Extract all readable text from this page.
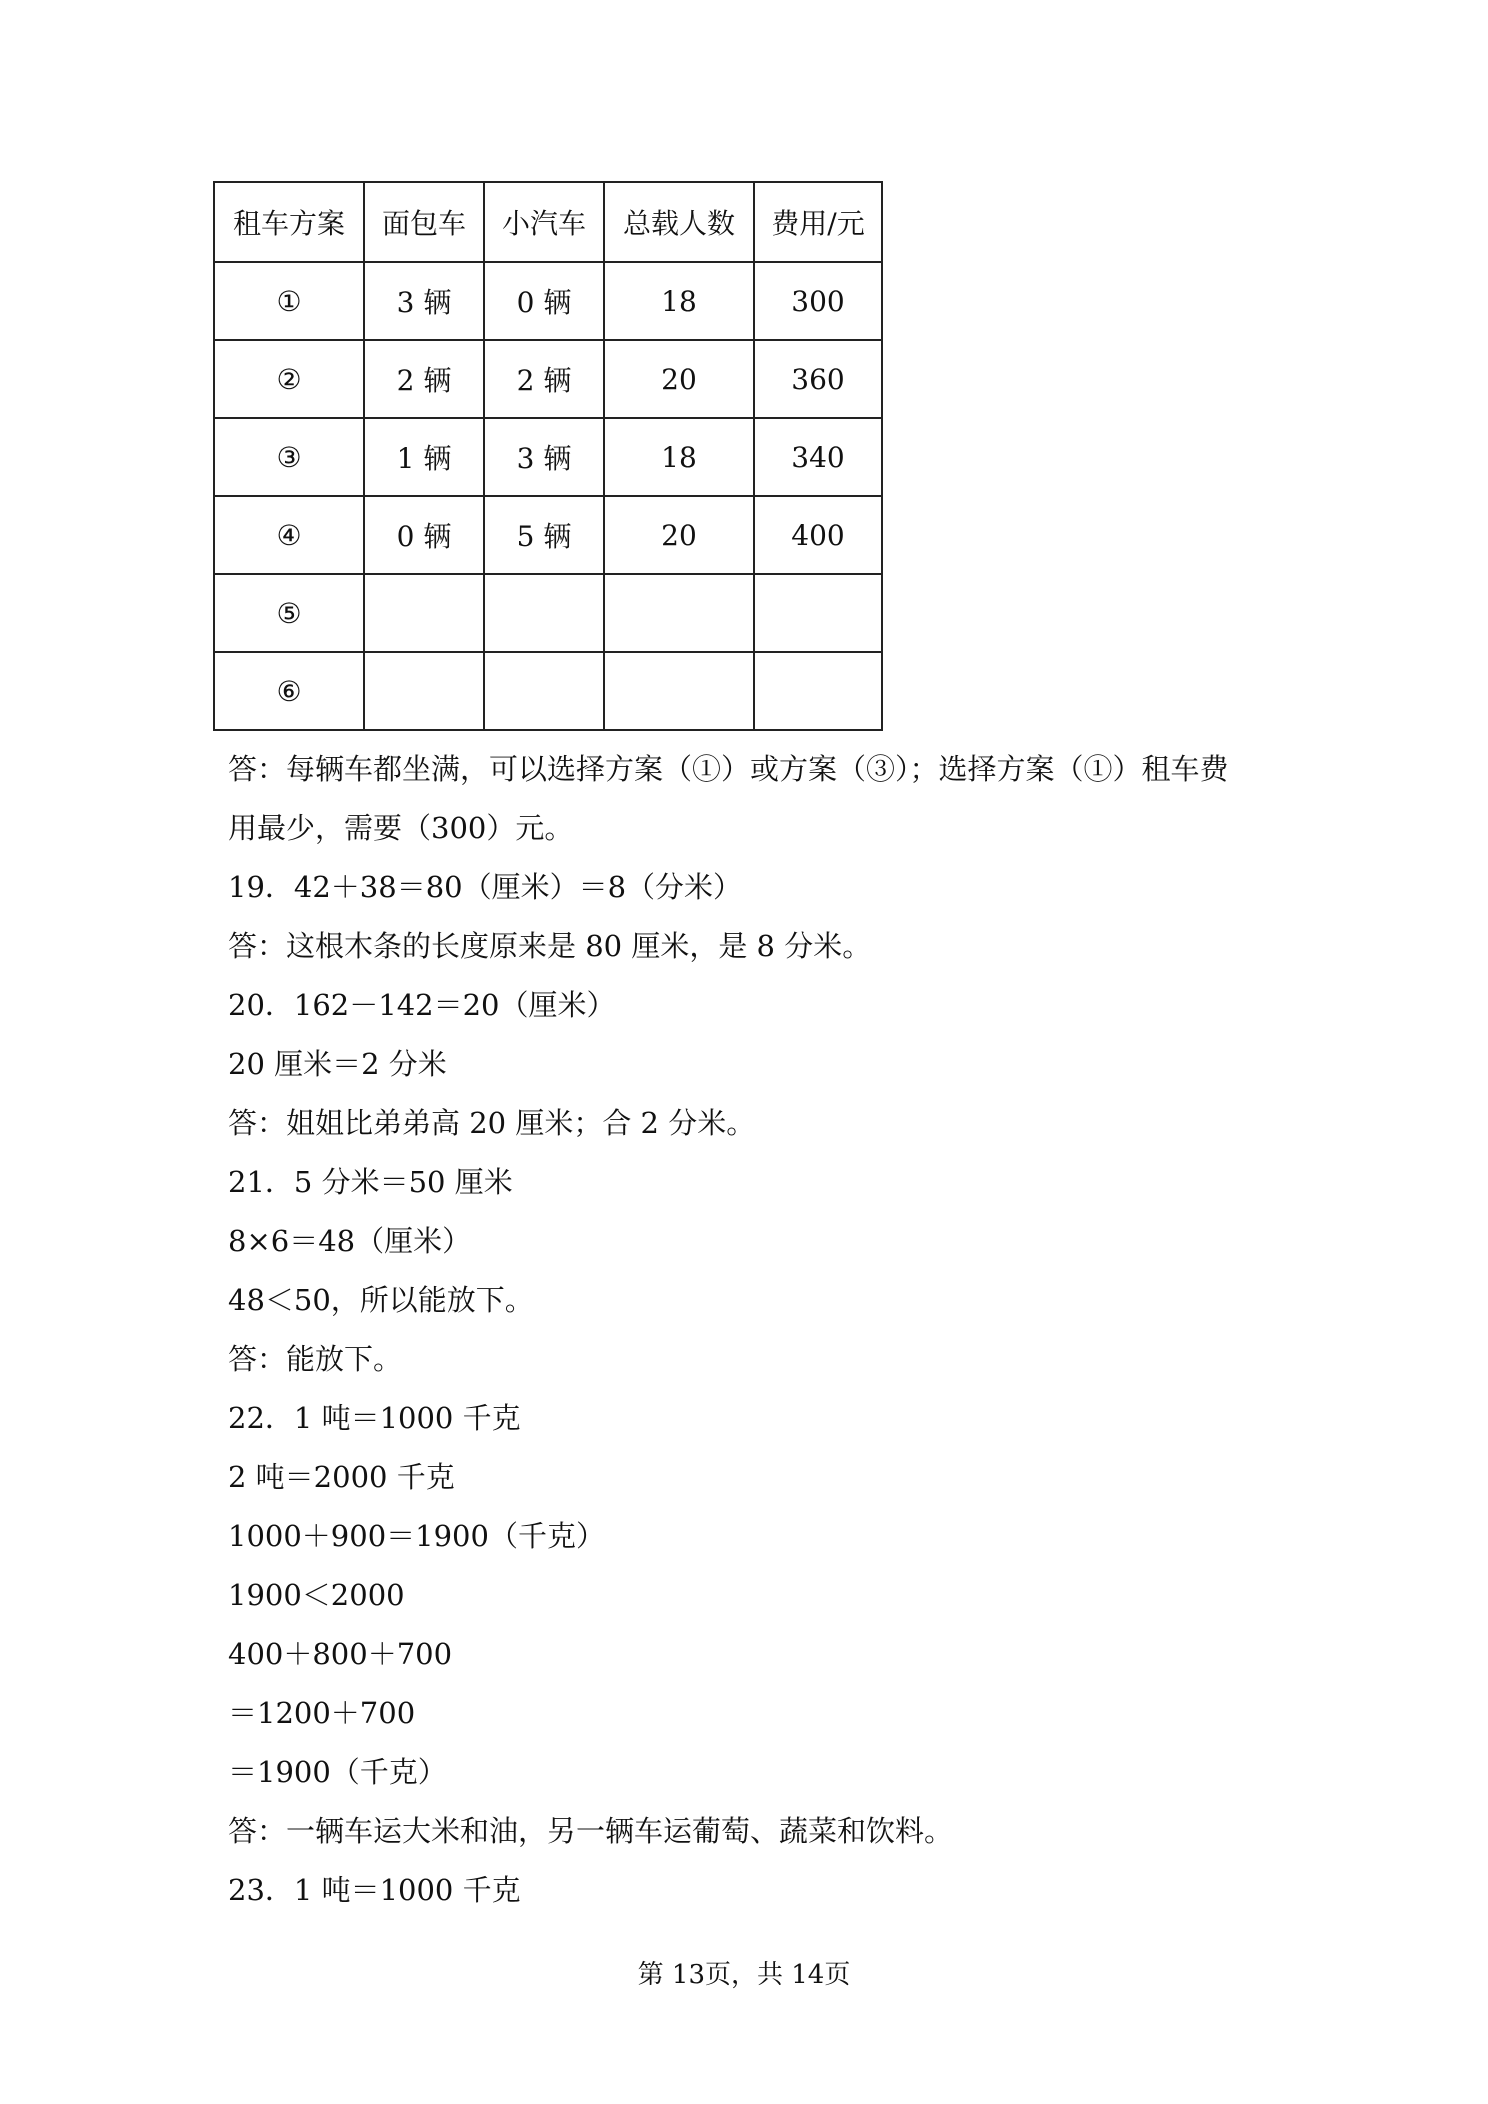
租车方案	面包车	小汽车	总载人数	费用/元
①	3 辆	0 辆	18	300
②	2 辆	2 辆	20	360
③	1 辆	3 辆	18	340
④	0 辆	5 辆	20	400
⑤				
⑥				
答：每辆车都坐满，可以选择方案（①）或方案（③）；选择方案（①）租车费
用最少，需要（300）元。
19．42＋38＝80（厘米）＝8（分米）
答：这根木条的长度原来是 80 厘米，是 8 分米。
20．162－142＝20（厘米）
20 厘米＝2 分米
答：姐姐比弟弟高 20 厘米；合 2 分米。
21．5 分米＝50 厘米
8×6＝48（厘米）
48＜50，所以能放下。
答：能放下。
22．1 吨＝1000 千克
2 吨＝2000 千克
1000＋900＝1900（千克）
1900＜2000
400＋800＋700
＝1200＋700
＝1900（千克）
答：一辆车运大米和油，另一辆车运葡萄、蔬菜和饮料。
23．1 吨＝1000 千克
第 13页，共 14页
